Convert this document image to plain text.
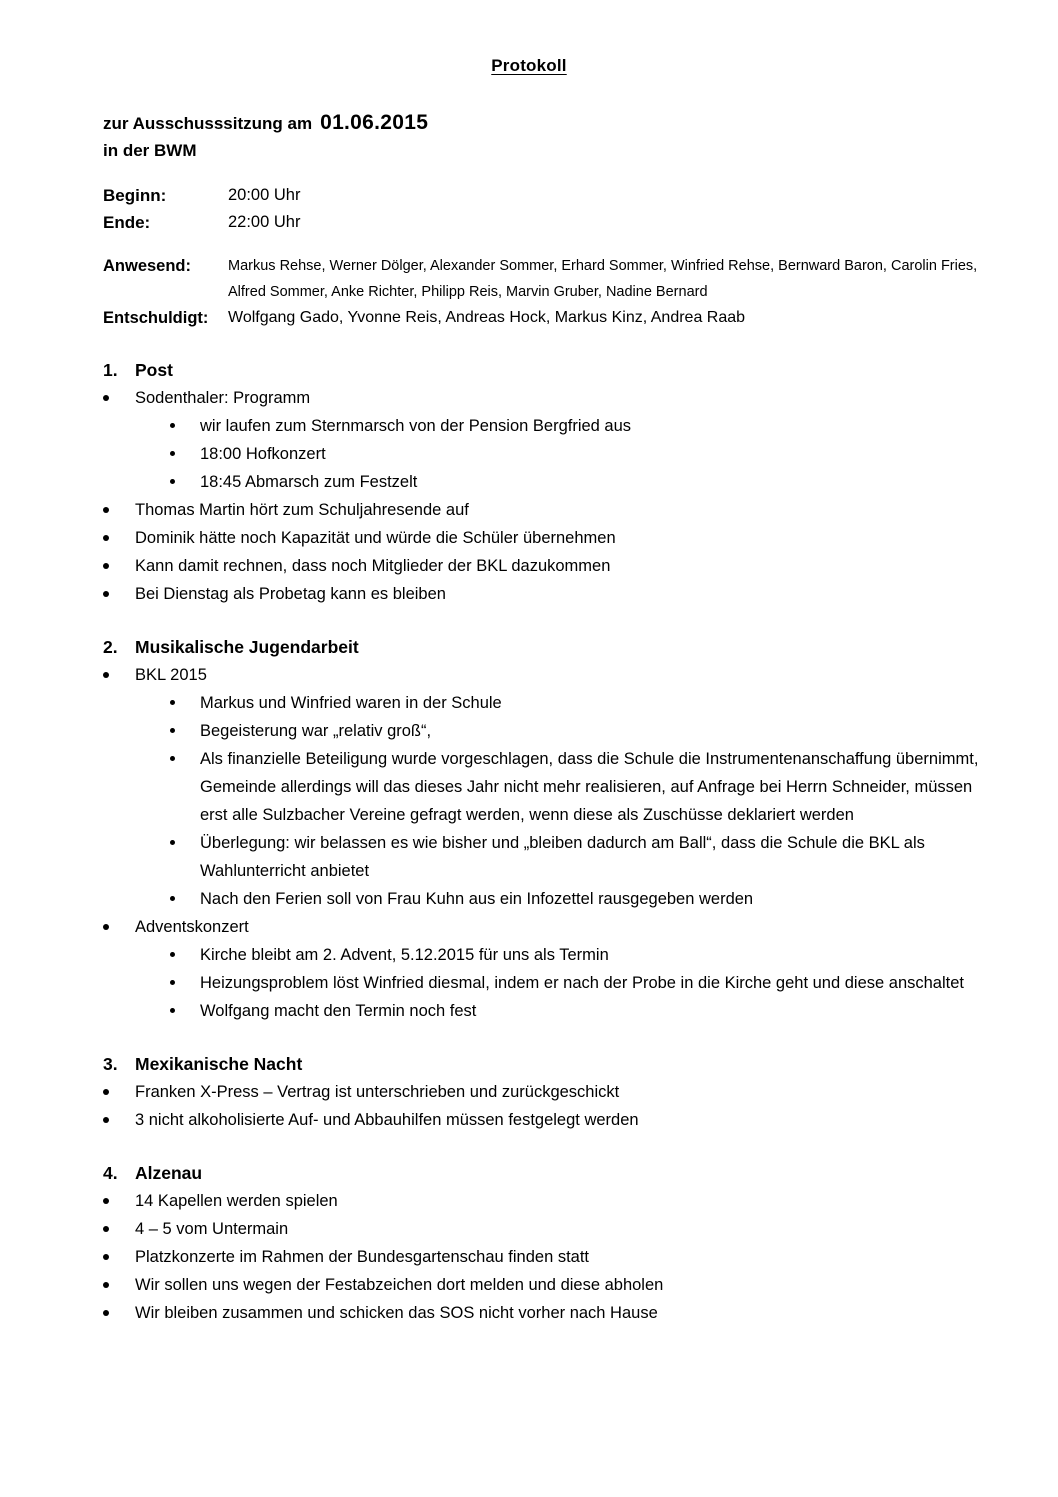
Protokoll
zur Ausschusssitzung am 01.06.2015
in der BWM
Beginn:	20:00 Uhr
Ende:	22:00 Uhr
Anwesend:	Markus Rehse, Werner Dölger, Alexander Sommer, Erhard Sommer, Winfried Rehse, Bernward Baron, Carolin Fries, Alfred Sommer, Anke Richter, Philipp Reis, Marvin Gruber, Nadine Bernard
Entschuldigt:	Wolfgang Gado, Yvonne Reis, Andreas Hock, Markus Kinz, Andrea Raab
1. Post
Sodenthaler: Programm
wir laufen zum Sternmarsch von der Pension Bergfried aus
18:00 Hofkonzert
18:45 Abmarsch zum Festzelt
Thomas Martin hört zum Schuljahresende auf
Dominik hätte noch Kapazität und würde die Schüler übernehmen
Kann damit rechnen, dass noch Mitglieder der BKL dazukommen
Bei Dienstag als Probetag kann es bleiben
2. Musikalische Jugendarbeit
BKL 2015
Markus und Winfried waren in der Schule
Begeisterung war „relativ groß“,
Als finanzielle Beteiligung wurde vorgeschlagen, dass die Schule die Instrumentenanschaffung übernimmt, Gemeinde allerdings will das dieses Jahr nicht mehr realisieren, auf Anfrage bei Herrn Schneider, müssen erst alle Sulzbacher Vereine gefragt werden, wenn diese als Zuschüsse deklariert werden
Überlegung: wir belassen es wie bisher und „bleiben dadurch am Ball“, dass die Schule die BKL als Wahlunterricht anbietet
Nach den Ferien soll von Frau Kuhn aus ein Infozettel rausgegeben werden
Adventskonzert
Kirche bleibt am 2. Advent, 5.12.2015 für uns als Termin
Heizungsproblem löst Winfried diesmal, indem er nach der Probe in die Kirche geht und diese anschaltet
Wolfgang macht den Termin noch fest
3. Mexikanische Nacht
Franken X-Press – Vertrag ist unterschrieben und zurückgeschickt
3 nicht alkoholisierte Auf- und Abbauhilfen müssen festgelegt werden
4. Alzenau
14 Kapellen werden spielen
4 – 5 vom Untermain
Platzkonzerte im Rahmen der Bundesgartenschau finden statt
Wir sollen uns wegen der Festabzeichen dort melden und diese abholen
Wir bleiben zusammen und schicken das SOS nicht vorher nach Hause
